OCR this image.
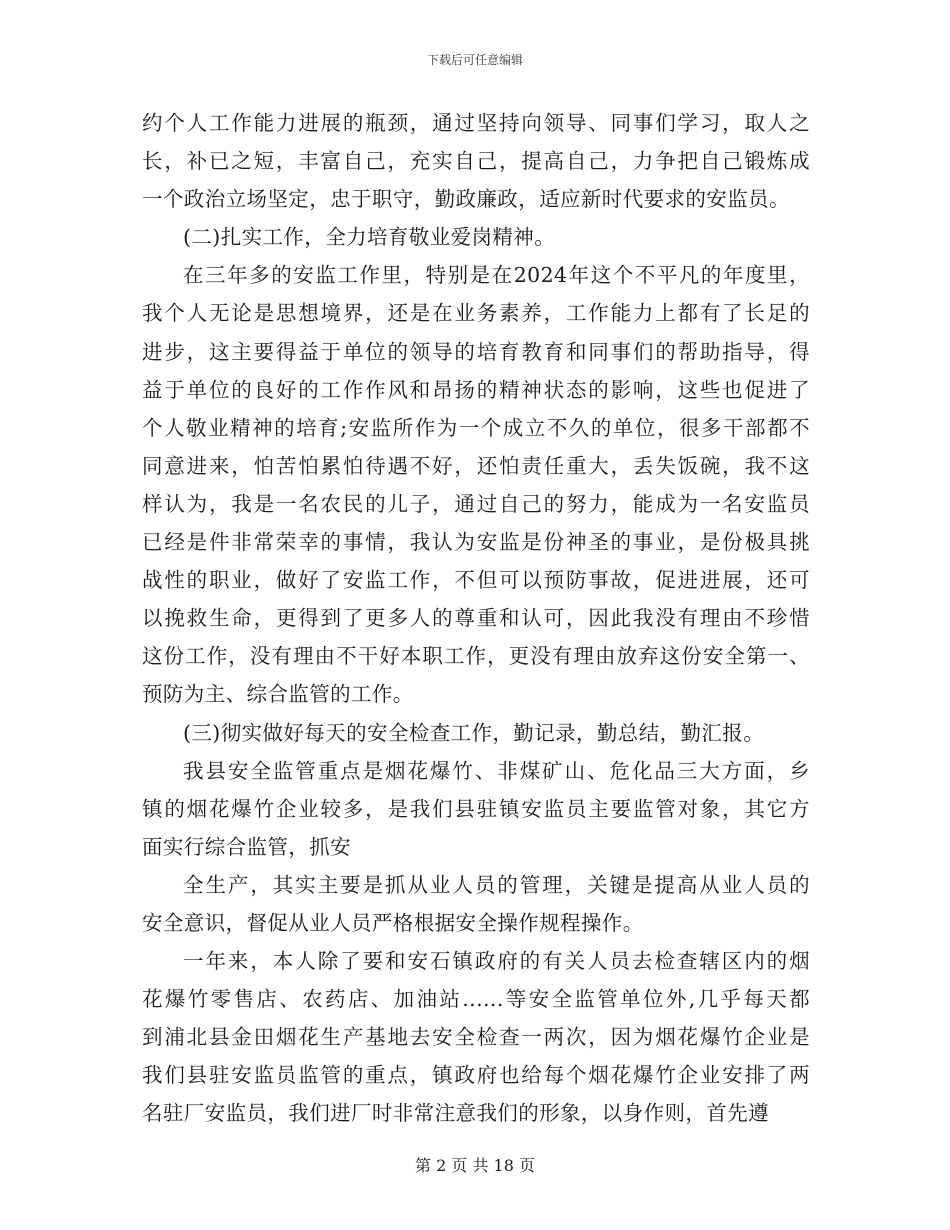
下载后可任意编辑
约个人工作能力进展的瓶颈，通过坚持向领导、同事们学习，取人之
长，补已之短，丰富自己，充实自己，提高自己，力争把自己锻炼成
一个政治立场坚定，忠于职守，勤政廉政，适应新时代要求的安监员。
(二)扎实工作，全力培育敬业爱岗精神。
在三年多的安监工作里，特别是在2024年这个不平凡的年度里，
我个人无论是思想境界，还是在业务素养，工作能力上都有了长足的
进步，这主要得益于单位的领导的培育教育和同事们的帮助指导，得
益于单位的良好的工作作风和昂扬的精神状态的影响，这些也促进了
个人敬业精神的培育;安监所作为一个成立不久的单位，很多干部都不
同意进来，怕苦怕累怕待遇不好，还怕责任重大，丢失饭碗，我不这
样认为，我是一名农民的儿子，通过自己的努力，能成为一名安监员
已经是件非常荣幸的事情，我认为安监是份神圣的事业，是份极具挑
战性的职业，做好了安监工作，不但可以预防事故，促进进展，还可
以挽救生命，更得到了更多人的尊重和认可，因此我没有理由不珍惜
这份工作，没有理由不干好本职工作，更没有理由放弃这份安全第一、
预防为主、综合监管的工作。
(三)彻实做好每天的安全检查工作，勤记录，勤总结，勤汇报。
我县安全监管重点是烟花爆竹、非煤矿山、危化品三大方面，乡
镇的烟花爆竹企业较多，是我们县驻镇安监员主要监管对象，其它方
面实行综合监管，抓安
全生产，其实主要是抓从业人员的管理，关键是提高从业人员的
安全意识，督促从业人员严格根据安全操作规程操作。
一年来，本人除了要和安石镇政府的有关人员去检查辖区内的烟
花爆竹零售店、农药店、加油站......等安全监管单位外,几乎每天都
到浦北县金田烟花生产基地去安全检查一两次，因为烟花爆竹企业是
我们县驻安监员监管的重点，镇政府也给每个烟花爆竹企业安排了两
名驻厂安监员，我们进厂时非常注意我们的形象，以身作则，首先遵
第 2 页 共 18 页
